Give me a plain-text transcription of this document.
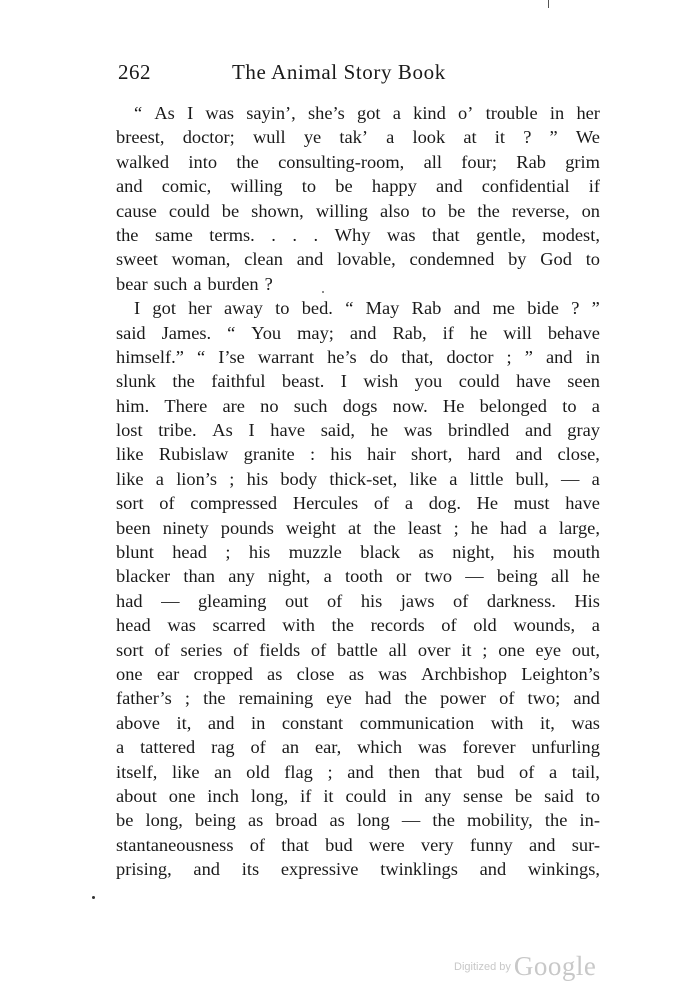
262	The Animal Story Book
“ As I was sayin’, she’s got a kind o’ trouble in her
breest, doctor; wull ye tak’ a look at it ? ” We
walked into the consulting-room, all four; Rab grim
and comic, willing to be happy and confidential if
cause could be shown, willing also to be the reverse, on
the same terms. . . . Why was that gentle, modest,
sweet woman, clean and lovable, condemned by God to
bear such a burden ?
I got her away to bed. “ May Rab and me bide ? ”
said James. “ You may; and Rab, if he will behave
himself.” “ I’se warrant he’s do that, doctor ; ” and in
slunk the faithful beast. I wish you could have seen
him. There are no such dogs now. He belonged to a
lost tribe. As I have said, he was brindled and gray
like Rubislaw granite : his hair short, hard and close,
like a lion’s ; his body thick-set, like a little bull, — a
sort of compressed Hercules of a dog. He must have
been ninety pounds weight at the least ; he had a large,
blunt head ; his muzzle black as night, his mouth
blacker than any night, a tooth or two — being all he
had — gleaming out of his jaws of darkness. His
head was scarred with the records of old wounds, a
sort of series of fields of battle all over it ; one eye out,
one ear cropped as close as was Archbishop Leighton’s
father’s ; the remaining eye had the power of two; and
above it, and in constant communication with it, was
a tattered rag of an ear, which was forever unfurling
itself, like an old flag ; and then that bud of a tail,
about one inch long, if it could in any sense be said to
be long, being as broad as long — the mobility, the in-
stantaneousness of that bud were very funny and sur-
prising, and its expressive twinklings and winkings,
Digitized by Google
